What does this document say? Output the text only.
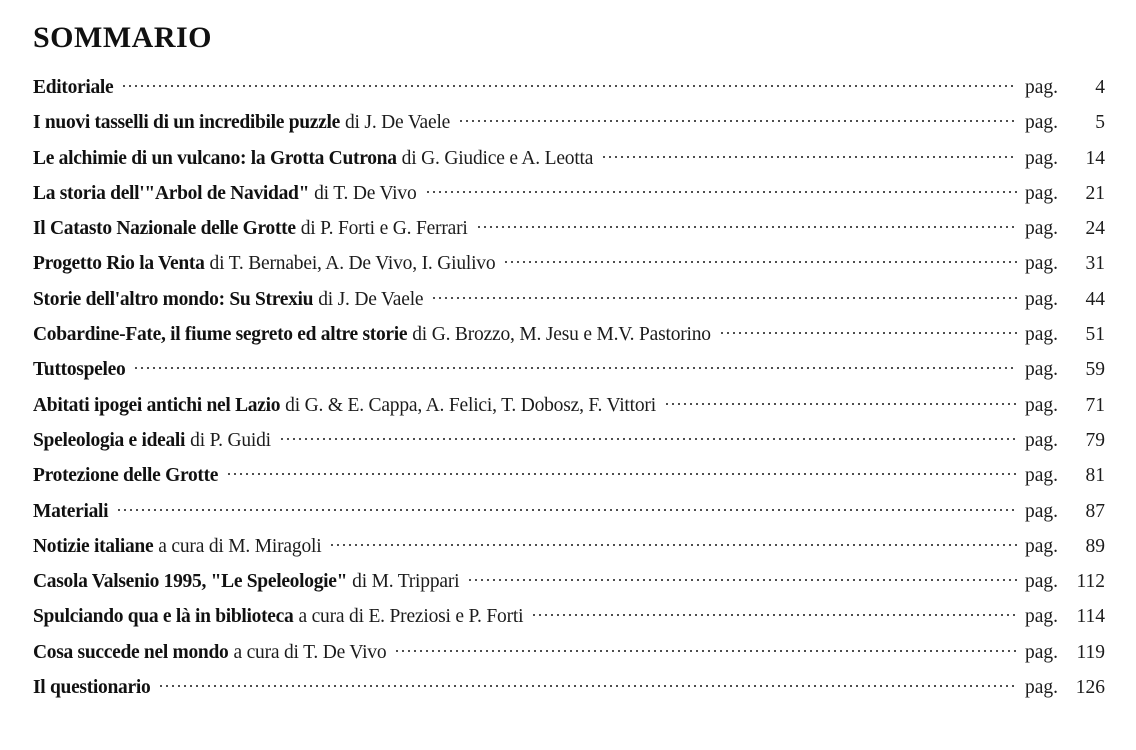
SOMMARIO
Editoriale	pag.	4
I nuovi tasselli di un incredibile puzzle di J. De Vaele	pag.	5
Le alchimie di un vulcano: la Grotta Cutrona di G. Giudice e A. Leotta	pag.	14
La storia dell'"Arbol de Navidad" di T. De Vivo	pag.	21
Il Catasto Nazionale delle Grotte di P. Forti e G. Ferrari	pag.	24
Progetto Rio la Venta di T. Bernabei, A. De Vivo, I. Giulivo	pag.	31
Storie dell'altro mondo: Su Strexiu di J. De Vaele	pag.	44
Cobardine-Fate, il fiume segreto ed altre storie di G. Brozzo, M. Jesu e M.V. Pastorino	pag.	51
Tuttospeleo	pag.	59
Abitati ipogei antichi nel Lazio di G. & E. Cappa, A. Felici, T. Dobosz, F. Vittori	pag.	71
Speleologia e ideali di P. Guidi	pag.	79
Protezione delle Grotte	pag.	81
Materiali	pag.	87
Notizie italiane a cura di M. Miragoli	pag.	89
Casola Valsenio 1995, "Le Speleologie" di M. Trippari	pag. 112
Spulciando qua e là in biblioteca a cura di E. Preziosi e P. Forti	pag. 114
Cosa succede nel mondo a cura di T. De Vivo	pag. 119
Il questionario	pag. 126
